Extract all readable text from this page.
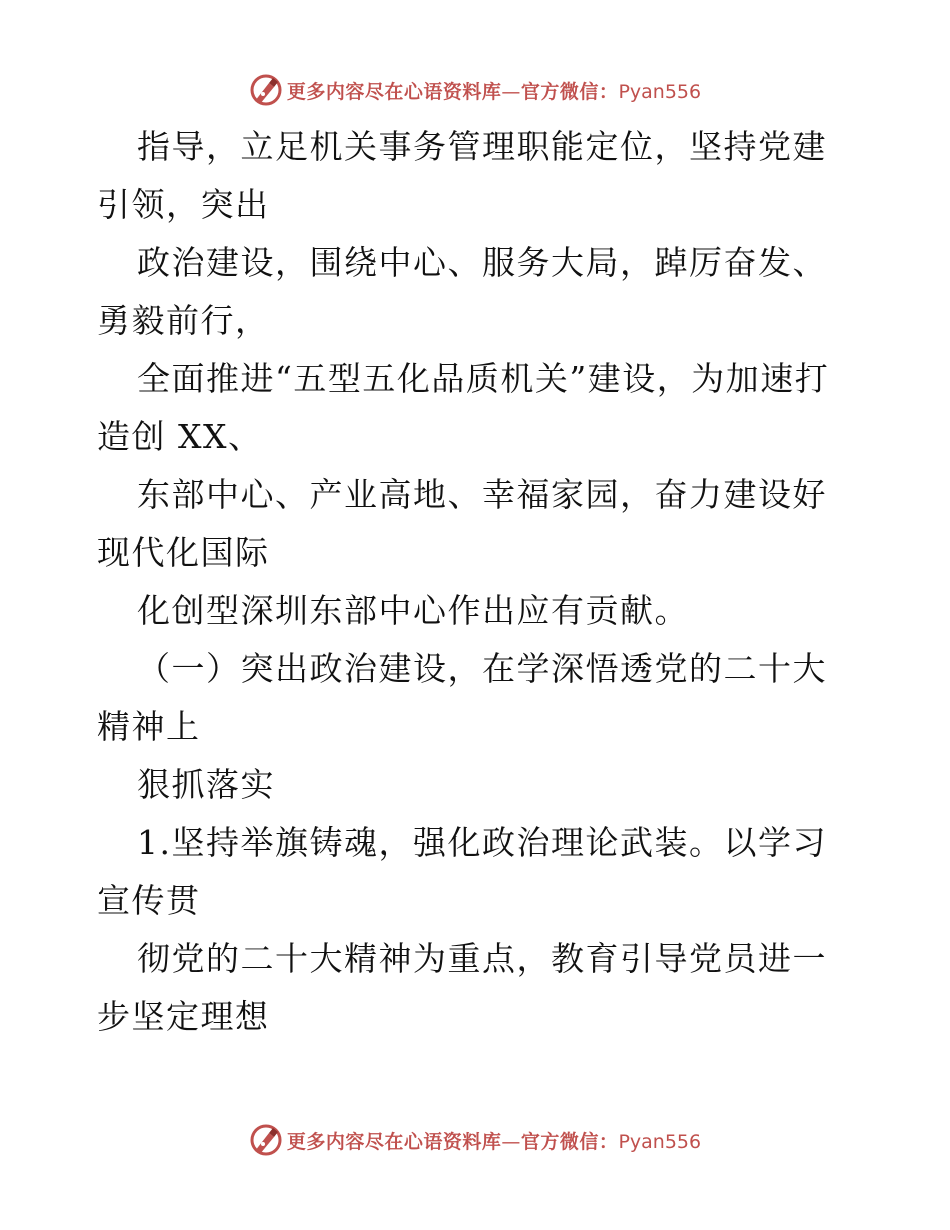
更多内容尽在心语资料库—官方微信：Pyan556

指导，立足机关事务管理职能定位，坚持党建引领，突出

政治建设，围绕中心、服务大局，踔厉奋发、勇毅前行，

全面推进“五型五化品质机关”建设，为加速打造创 XX、

东部中心、产业高地、幸福家园，奋力建设好现代化国际

化创型深圳东部中心作出应有贡献。

（一）突出政治建设，在学深悟透党的二十大精神上

狠抓落实

1.坚持举旗铸魂，强化政治理论武装。以学习宣传贯

彻党的二十大精神为重点，教育引导党员进一步坚定理想

更多内容尽在心语资料库—官方微信：Pyan556
